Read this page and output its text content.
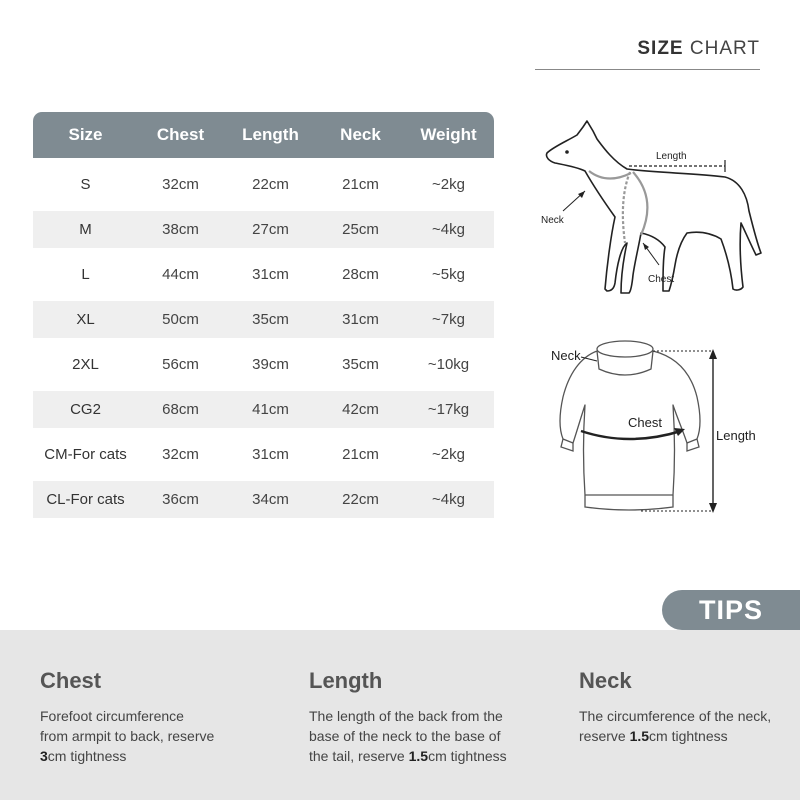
SIZE CHART
Size	Chest	Length	Neck	Weight
S	32cm	22cm	21cm	~2kg
M	38cm	27cm	25cm	~4kg
L	44cm	31cm	28cm	~5kg
XL	50cm	35cm	31cm	~7kg
2XL	56cm	39cm	35cm	~10kg
CG2	68cm	41cm	42cm	~17kg
CM-For cats	32cm	31cm	21cm	~2kg
CL-For cats	36cm	34cm	22cm	~4kg
Length
Neck
Chest
Neck
Chest
Length
TIPS
Chest

Forefoot circumference
from armpit to back, reserve
3cm tightness

Length

The length of the back from the
base of the neck to the base of
the tail, reserve 1.5cm tightness

Neck

The circumference of the neck,
reserve 1.5cm tightness
